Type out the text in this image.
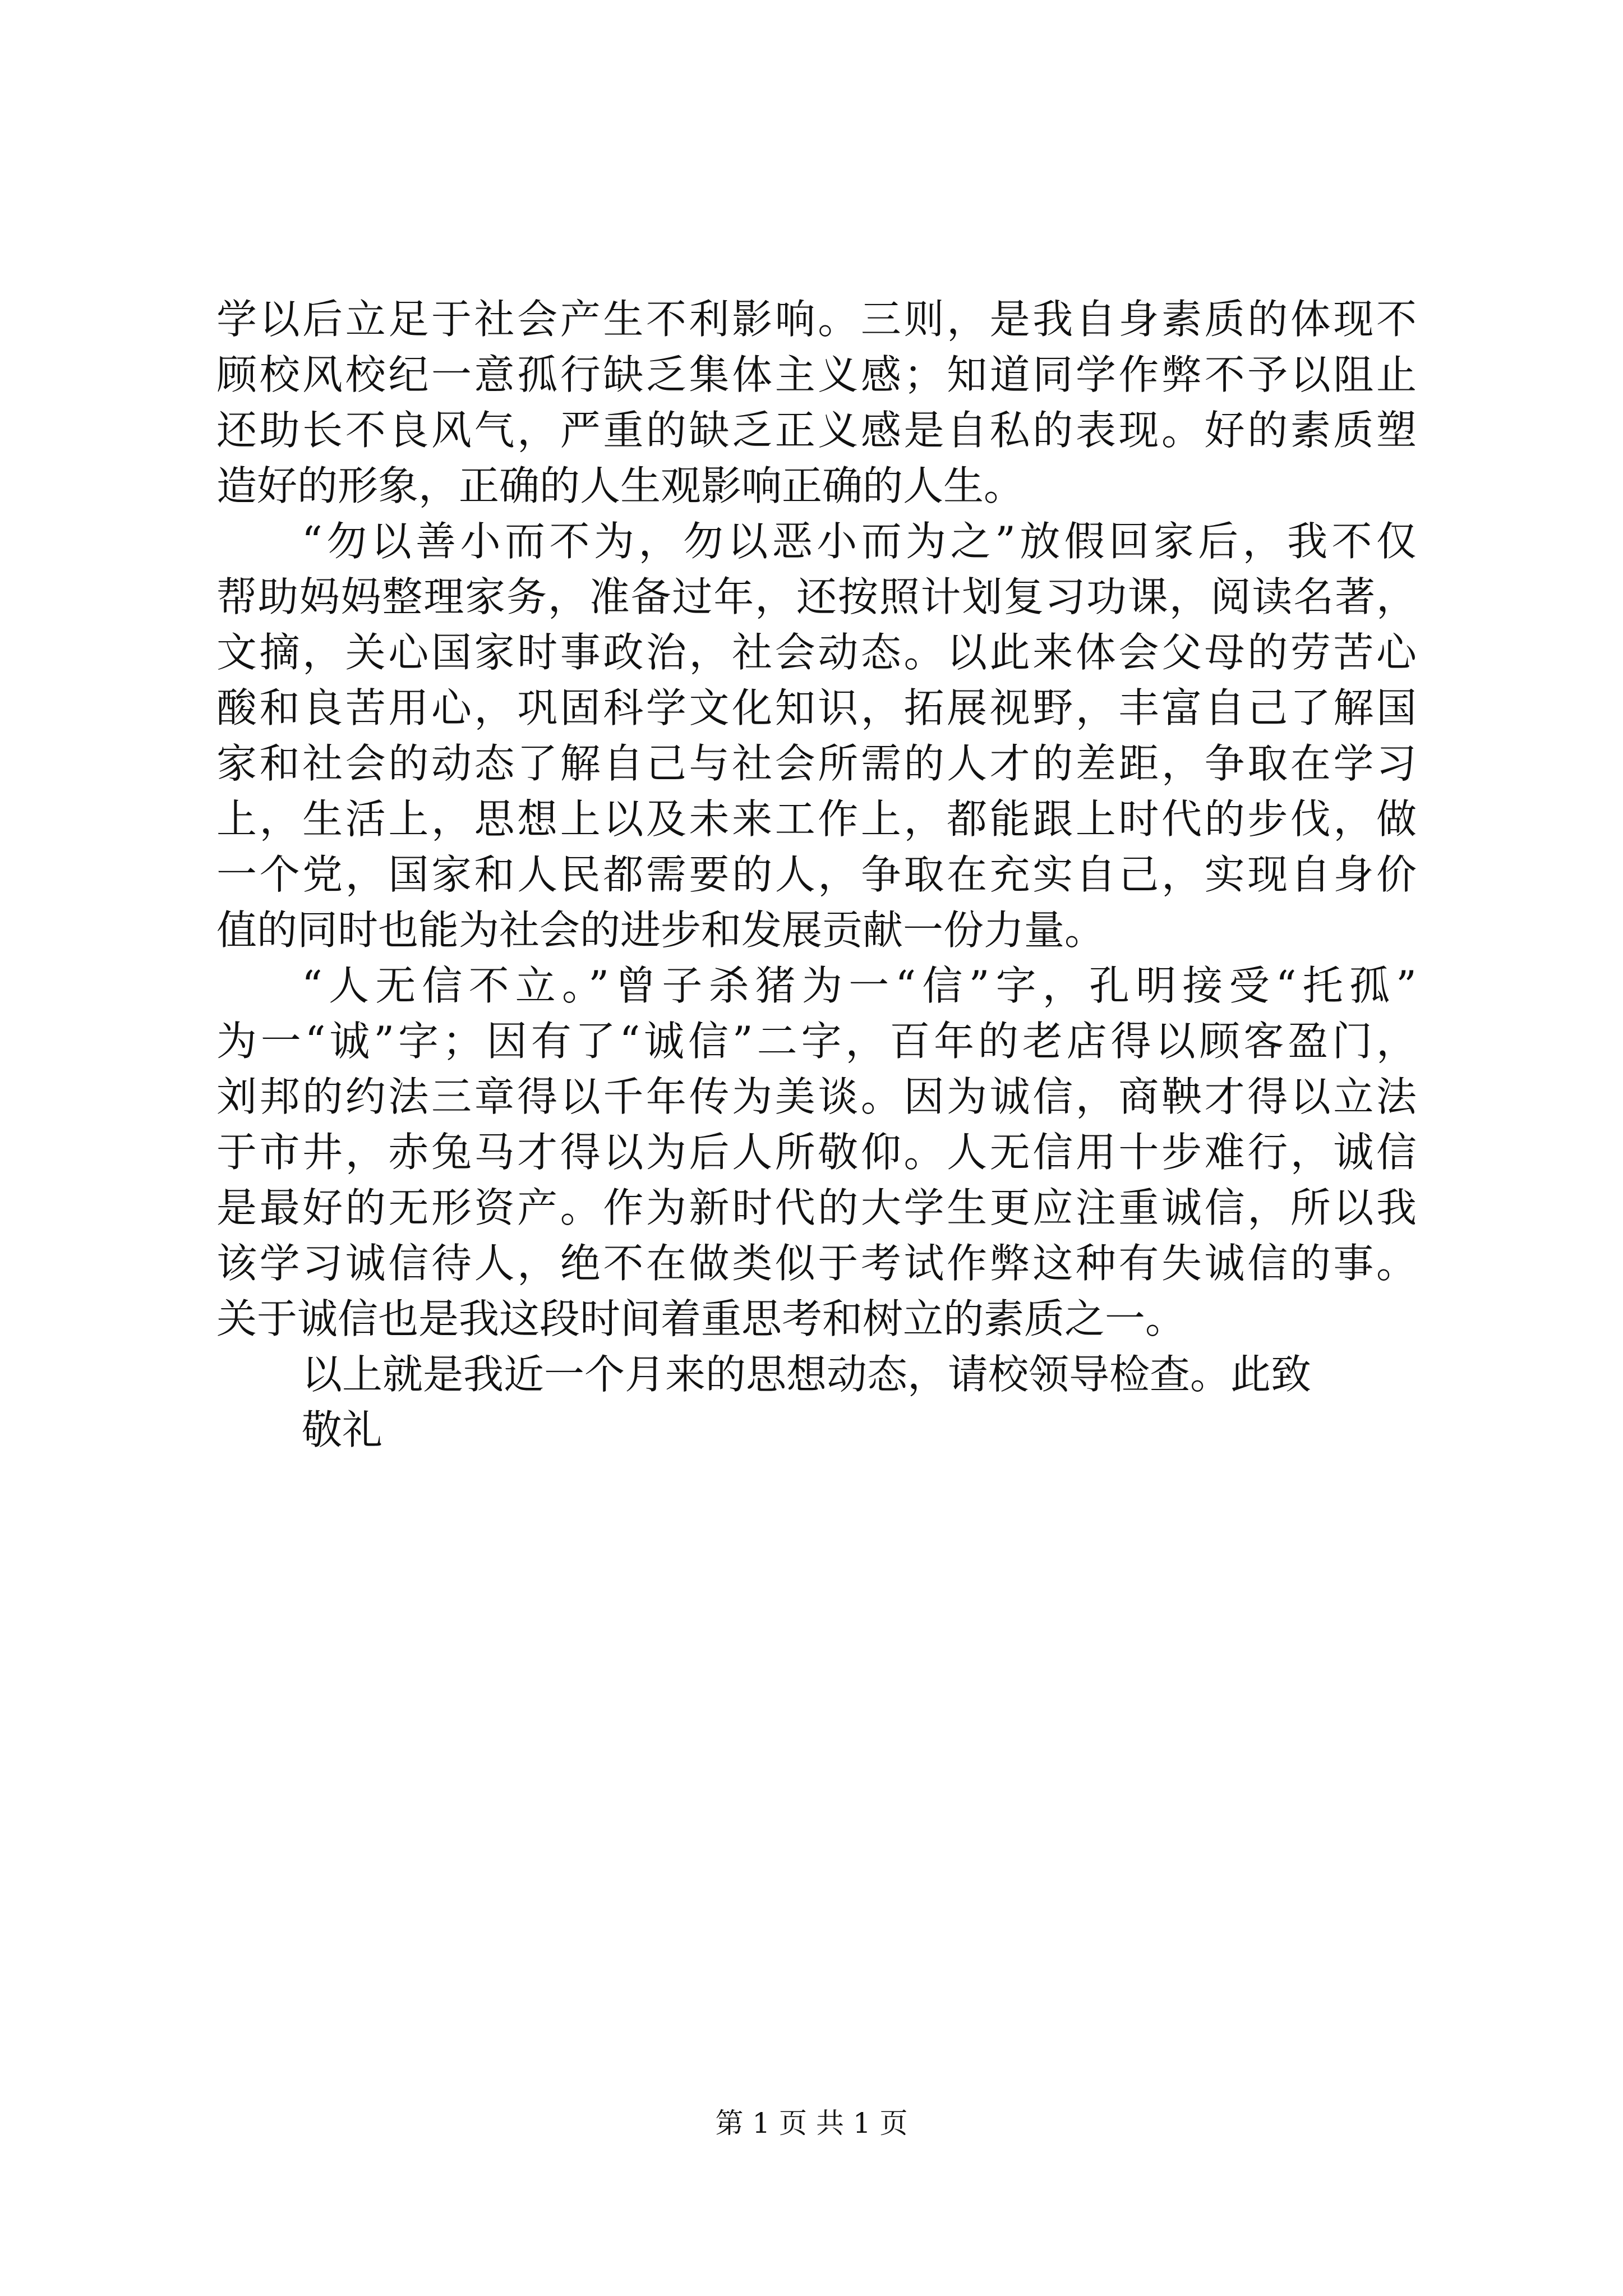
学以后立足于社会产生不利影响。三则，是我自身素质的体现不
顾校风校纪一意孤行缺乏集体主义感；知道同学作弊不予以阻止
还助长不良风气，严重的缺乏正义感是自私的表现。好的素质塑
造好的形象，正确的人生观影响正确的人生。
“勿以善小而不为，勿以恶小而为之”放假回家后，我不仅
帮助妈妈整理家务，准备过年，还按照计划复习功课，阅读名著，
文摘，关心国家时事政治，社会动态。以此来体会父母的劳苦心
酸和良苦用心，巩固科学文化知识，拓展视野，丰富自己了解国
家和社会的动态了解自己与社会所需的人才的差距，争取在学习
上，生活上，思想上以及未来工作上，都能跟上时代的步伐，做
一个党，国家和人民都需要的人，争取在充实自己，实现自身价
值的同时也能为社会的进步和发展贡献一份力量。
“人无信不立。”曾子杀猪为一“信”字，孔明接受“托孤”
为一“诚”字；因有了“诚信”二字，百年的老店得以顾客盈门，
刘邦的约法三章得以千年传为美谈。因为诚信，商鞅才得以立法
于市井，赤兔马才得以为后人所敬仰。人无信用十步难行，诚信
是最好的无形资产。作为新时代的大学生更应注重诚信，所以我
该学习诚信待人，绝不在做类似于考试作弊这种有失诚信的事。
关于诚信也是我这段时间着重思考和树立的素质之一。
以上就是我近一个月来的思想动态，请校领导检查。此致
敬礼
第 1 页 共 1 页
